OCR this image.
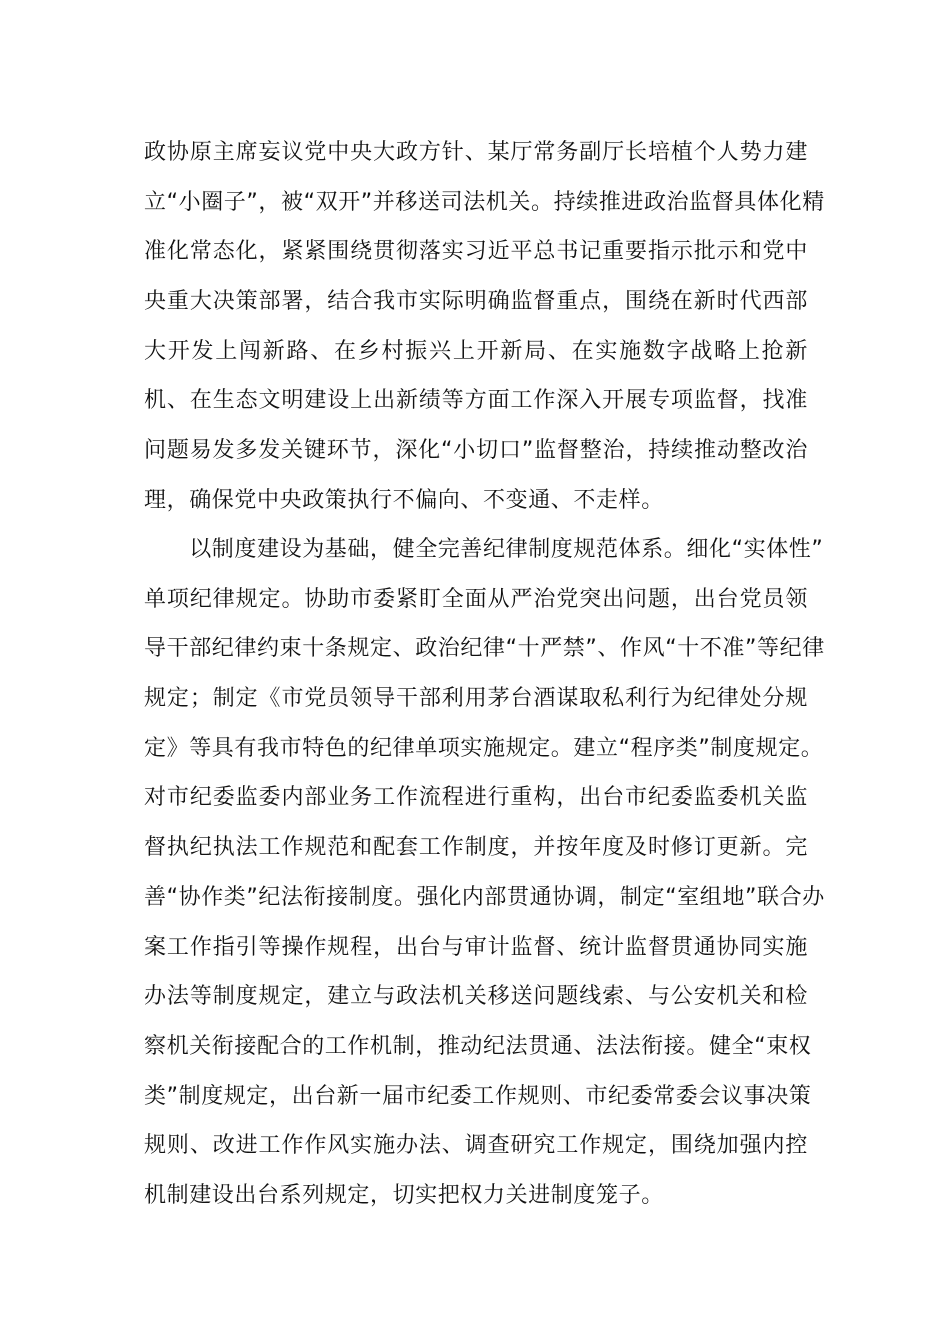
政协原主席妄议党中央大政方针、某厅常务副厅长培植个人势力建
立“小圈子”，被“双开”并移送司法机关。持续推进政治监督具体化精
准化常态化，紧紧围绕贯彻落实习近平总书记重要指示批示和党中
央重大决策部署，结合我市实际明确监督重点，围绕在新时代西部
大开发上闯新路、在乡村振兴上开新局、在实施数字战略上抢新
机、在生态文明建设上出新绩等方面工作深入开展专项监督，找准
问题易发多发关键环节，深化“小切口”监督整治，持续推动整改治
理，确保党中央政策执行不偏向、不变通、不走样。
　　以制度建设为基础，健全完善纪律制度规范体系。细化“实体性”
单项纪律规定。协助市委紧盯全面从严治党突出问题，出台党员领
导干部纪律约束十条规定、政治纪律“十严禁”、作风“十不准”等纪律
规定；制定《市党员领导干部利用茅台酒谋取私利行为纪律处分规
定》等具有我市特色的纪律单项实施规定。建立“程序类”制度规定。
对市纪委监委内部业务工作流程进行重构，出台市纪委监委机关监
督执纪执法工作规范和配套工作制度，并按年度及时修订更新。完
善“协作类”纪法衔接制度。强化内部贯通协调，制定“室组地”联合办
案工作指引等操作规程，出台与审计监督、统计监督贯通协同实施
办法等制度规定，建立与政法机关移送问题线索、与公安机关和检
察机关衔接配合的工作机制，推动纪法贯通、法法衔接。健全“束权
类”制度规定，出台新一届市纪委工作规则、市纪委常委会议事决策
规则、改进工作作风实施办法、调查研究工作规定，围绕加强内控
机制建设出台系列规定，切实把权力关进制度笼子。
